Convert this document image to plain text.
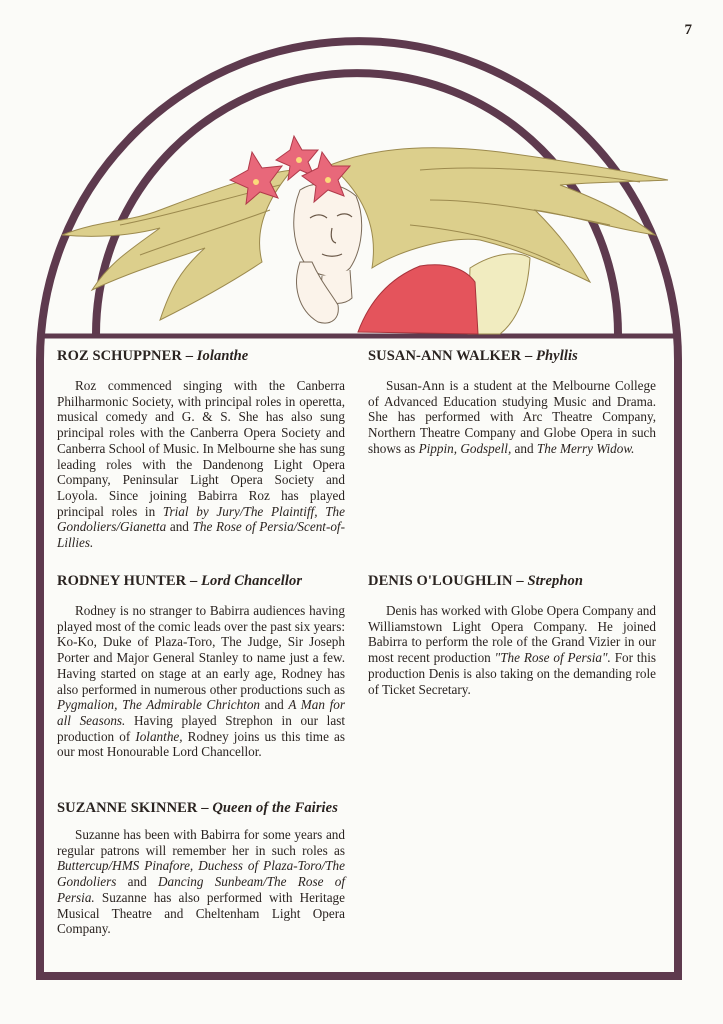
7
ROZ SCHUPPNER – Iolanthe

Roz commenced singing with the Canberra Philharmonic Society, with principal roles in operetta, musical comedy and G. & S. She has also sung principal roles with the Canberra Opera Society and Canberra School of Music. In Melbourne she has sung leading roles with the Dandenong Light Opera Company, Peninsular Light Opera Society and Loyola. Since joining Babirra Roz has played principal roles in Trial by Jury/The Plaintiff, The Gondoliers/Gianetta and The Rose of Persia/Scent-of-Lillies.

SUSAN-ANN WALKER – Phyllis

Susan-Ann is a student at the Melbourne College of Advanced Education studying Music and Drama. She has performed with Arc Theatre Company, Northern Theatre Company and Globe Opera in such shows as Pippin, Godspell, and The Merry Widow.

RODNEY HUNTER – Lord Chancellor

Rodney is no stranger to Babirra audiences having played most of the comic leads over the past six years: Ko-Ko, Duke of Plaza-Toro, The Judge, Sir Joseph Porter and Major General Stanley to name just a few. Having started on stage at an early age, Rodney has also performed in numerous other productions such as Pygmalion, The Admirable Chrichton and A Man for all Seasons. Having played Strephon in our last production of Iolanthe, Rodney joins us this time as our most Honourable Lord Chancellor.

DENIS O'LOUGHLIN – Strephon

Denis has worked with Globe Opera Company and Williamstown Light Opera Company. He joined Babirra to perform the role of the Grand Vizier in our most recent production "The Rose of Persia". For this production Denis is also taking on the demanding role of Ticket Secretary.

SUZANNE SKINNER – Queen of the Fairies

Suzanne has been with Babirra for some years and regular patrons will remember her in such roles as Buttercup/HMS Pinafore, Duchess of Plaza-Toro/The Gondoliers and Dancing Sunbeam/The Rose of Persia. Suzanne has also performed with Heritage Musical Theatre and Cheltenham Light Opera Company.
